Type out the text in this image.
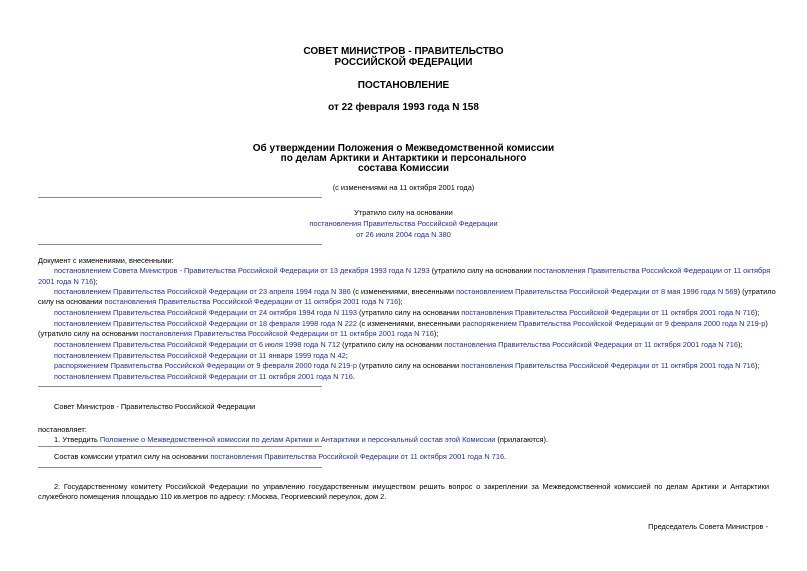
СОВЕТ МИНИСТРОВ - ПРАВИТЕЛЬСТВО
РОССИЙСКОЙ ФЕДЕРАЦИИ
ПОСТАНОВЛЕНИЕ
от 22 февраля 1993 года N 158
Об утверждении Положения о Межведомственной комиссии
по делам Арктики и Антарктики и персонального
состава Комиссии
(с изменениями на 11 октября 2001 года)
Утратило силу на основании
постановления Правительства Российской Федерации
от 26 июля 2004 года N 380
Документ с изменениями, внесенными:
постановлением Совета Министров - Правительства Российской Федерации от 13 декабря 1993 года N 1293 (утратило силу на основании постановления Правительства Российской Федерации от 11 октября
2001 года N 716);
постановлением Правительства Российской Федерации от 23 апреля 1994 года N 386 (с изменениями, внесенными постановлением Правительства Российской Федерации от 8 мая 1996 года N 569) (утратило
силу на основании постановления Правительства Российской Федерации от 11 октября 2001 года N 716);
постановлением Правительства Российской Федерации от 24 октября 1994 года N 1193 (утратило силу на основании постановления Правительства Российской Федерации от 11 октября 2001 года N 716);
постановлением Правительства Российской Федерации от 18 февраля 1998 года N 222 (с изменениями, внесенными распоряжением Правительства Российской Федерации от 9 февраля 2000 года N 219-р)
(утратило силу на основании постановления Правительства Российской Федерации от 11 октября 2001 года N 716);
постановлением Правительства Российской Федерации от 6 июля 1998 года N 712 (утратило силу на основании постановления Правительства Российской Федерации от 11 октября 2001 года N 716);
постановлением Правительства Российской Федерации от 11 января 1999 года N 42;
распоряжением Правительства Российской Федерации от 9 февраля 2000 года N 219-р (утратило силу на основании постановления Правительства Российской Федерации от 11 октября 2001 года N 716);
постановлением Правительства Российской Федерации от 11 октября 2001 года N 716.
Совет Министров - Правительство Российской Федерации
постановляет:
1. Утвердить Положение о Межведомственной комиссии по делам Арктики и Антарктики и персональный состав этой Комиссии (прилагаются).
Состав комиссии утратил силу на основании постановления Правительства Российской Федерации от 11 октября 2001 года N 716.
2. Государственному комитету Российской Федерации по управлению государственным имуществом решить вопрос о закреплении за Межведомственной комиссией по делам Арктики и Антарктики служебного помещения площадью 110 кв.метров по адресу: г.Москва, Георгиевский переулок, дом 2.
Председатель Совета Министров -
